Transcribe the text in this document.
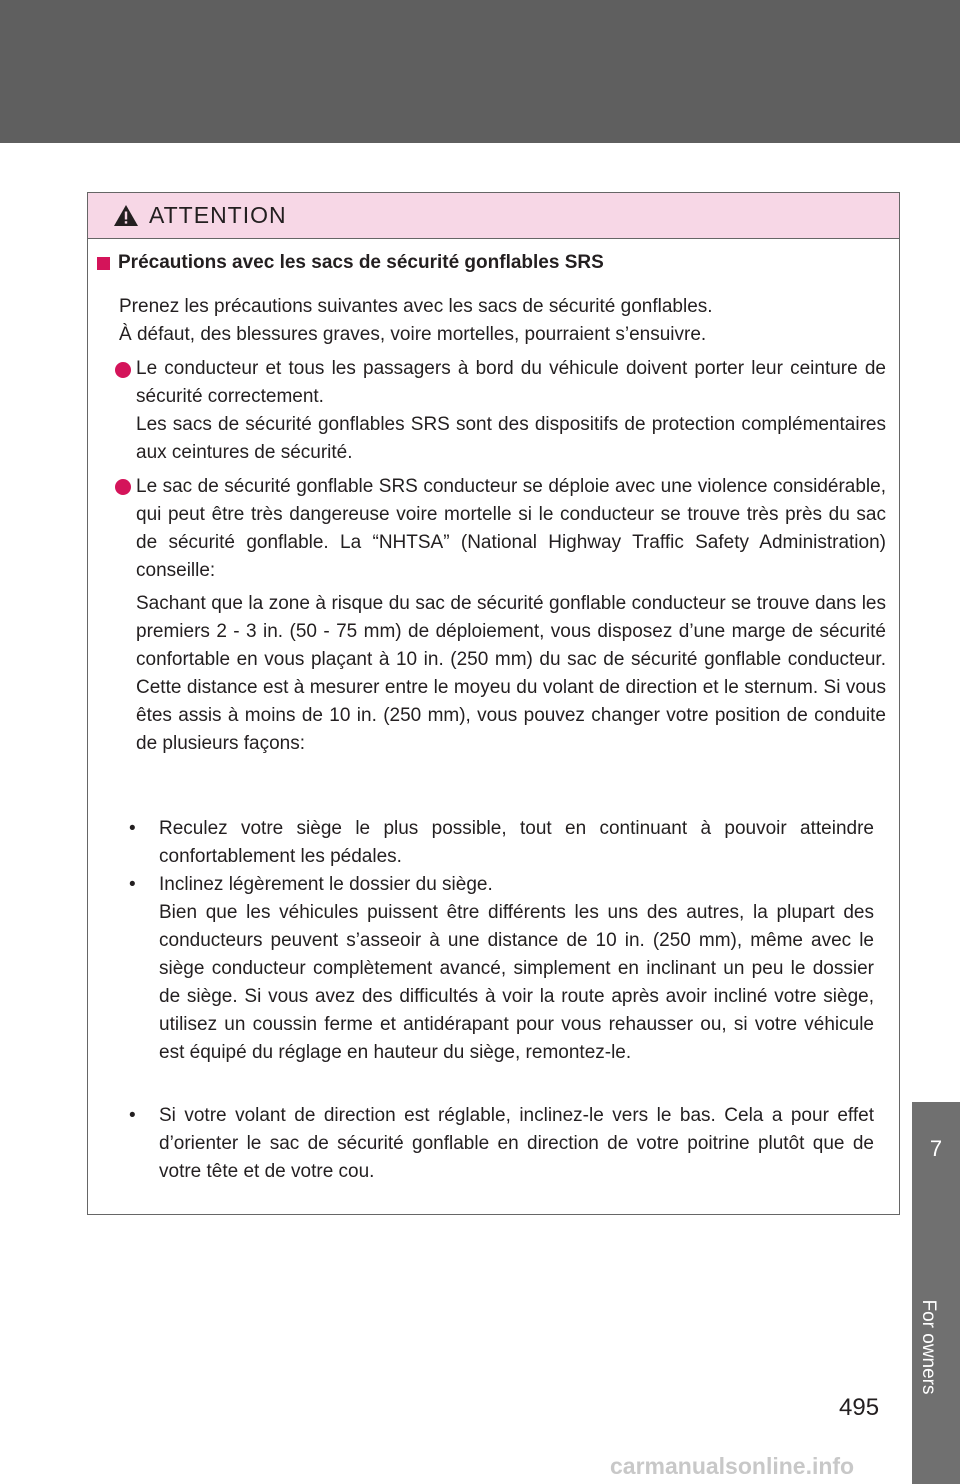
ATTENTION
Précautions avec les sacs de sécurité gonflables SRS
Prenez les précautions suivantes avec les sacs de sécurité gonflables.
À défaut, des blessures graves, voire mortelles, pourraient s’ensuivre.
Le conducteur et tous les passagers à bord du véhicule doivent porter leur ceinture de sécurité correctement.
Les sacs de sécurité gonflables SRS sont des dispositifs de protection complémentaires aux ceintures de sécurité.
Le sac de sécurité gonflable SRS conducteur se déploie avec une violence considérable, qui peut être très dangereuse voire mortelle si le conducteur se trouve très près du sac de sécurité gonflable. La “NHTSA” (National Highway Traffic Safety Administration) conseille:
Sachant que la zone à risque du sac de sécurité gonflable conducteur se trouve dans les premiers 2 - 3 in. (50 - 75 mm) de déploiement, vous disposez d’une marge de sécurité confortable en vous plaçant à 10 in. (250 mm) du sac de sécurité gonflable conducteur. Cette distance est à mesurer entre le moyeu du volant de direction et le sternum. Si vous êtes assis à moins de 10 in. (250 mm), vous pouvez changer votre position de conduite de plusieurs façons:
• Reculez votre siège le plus possible, tout en continuant à pouvoir atteindre confortablement les pédales.
• Inclinez légèrement le dossier du siège.
Bien que les véhicules puissent être différents les uns des autres, la plupart des conducteurs peuvent s’asseoir à une distance de 10 in. (250 mm), même avec le siège conducteur complètement avancé, simplement en inclinant un peu le dossier de siège. Si vous avez des difficultés à voir la route après avoir incliné votre siège, utilisez un coussin ferme et antidérapant pour vous rehausser ou, si votre véhicule est équipé du réglage en hauteur du siège, remontez-le.
• Si votre volant de direction est réglable, inclinez-le vers le bas. Cela a pour effet d’orienter le sac de sécurité gonflable en direction de votre poitrine plutôt que de votre tête et de votre cou.
7
For owners
495
carmanualsonline.info
